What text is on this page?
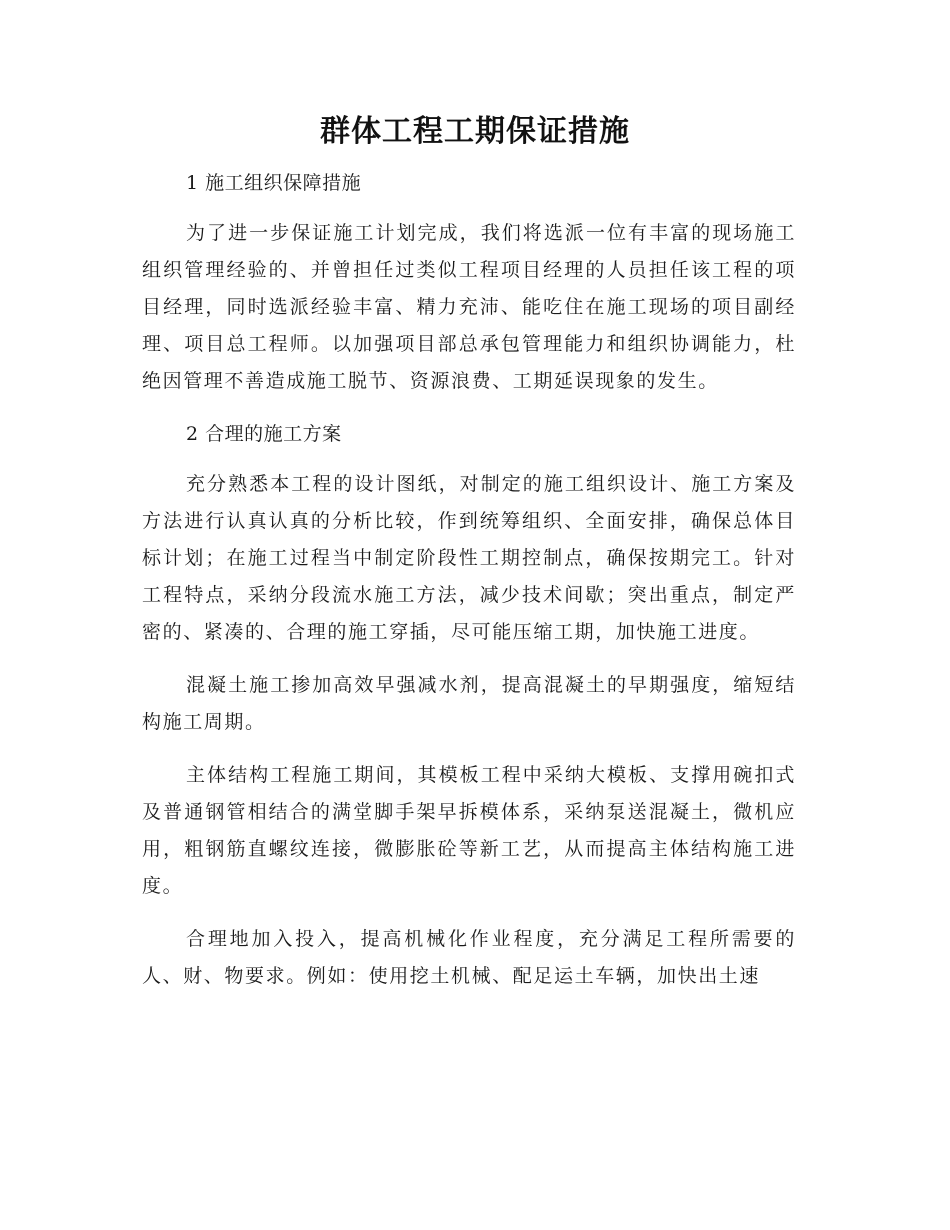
群体工程工期保证措施
1 施工组织保障措施

为了进一步保证施工计划完成，我们将选派一位有丰富的现场施工组织管理经验的、并曾担任过类似工程项目经理的人员担任该工程的项目经理，同时选派经验丰富、精力充沛、能吃住在施工现场的项目副经理、项目总工程师。以加强项目部总承包管理能力和组织协调能力，杜绝因管理不善造成施工脱节、资源浪费、工期延误现象的发生。

2 合理的施工方案

充分熟悉本工程的设计图纸，对制定的施工组织设计、施工方案及方法进行认真认真的分析比较，作到统筹组织、全面安排，确保总体目标计划；在施工过程当中制定阶段性工期控制点，确保按期完工。针对工程特点，采纳分段流水施工方法，减少技术间歇；突出重点，制定严密的、紧凑的、合理的施工穿插，尽可能压缩工期，加快施工进度。

混凝土施工掺加高效早强减水剂，提高混凝土的早期强度，缩短结构施工周期。

主体结构工程施工期间，其模板工程中采纳大模板、支撑用碗扣式及普通钢管相结合的满堂脚手架早拆模体系，采纳泵送混凝土，微机应用，粗钢筋直螺纹连接，微膨胀砼等新工艺，从而提高主体结构施工进度。

合理地加入投入，提高机械化作业程度，充分满足工程所需要的人、财、物要求。例如：使用挖土机械、配足运土车辆，加快出土速
